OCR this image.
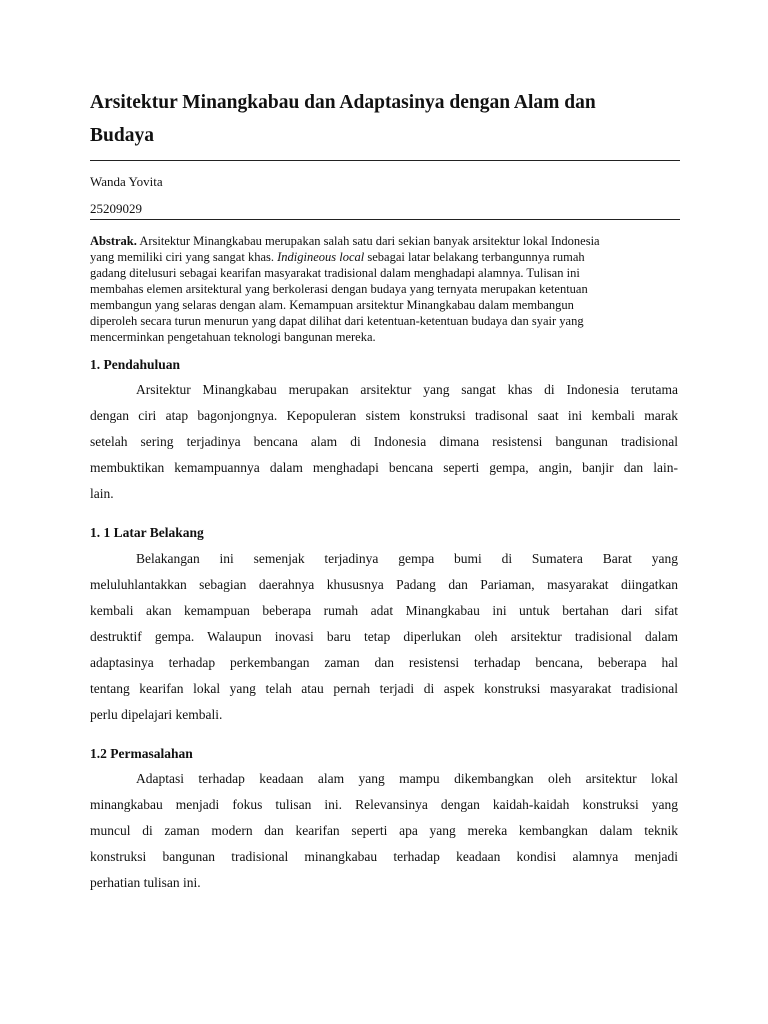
Arsitektur Minangkabau dan Adaptasinya dengan Alam dan
Budaya
Wanda Yovita
25209029
Abstrak. Arsitektur Minangkabau merupakan salah satu dari sekian banyak arsitektur lokal Indonesia
yang memiliki ciri yang sangat khas. Indigineous local sebagai latar belakang terbangunnya rumah
gadang ditelusuri sebagai kearifan masyarakat tradisional dalam menghadapi alamnya. Tulisan ini
membahas elemen arsitektural yang berkolerasi dengan budaya yang ternyata merupakan ketentuan
membangun yang selaras dengan alam. Kemampuan arsitektur Minangkabau dalam membangun
diperoleh secara turun menurun yang dapat dilihat dari ketentuan-ketentuan budaya dan syair yang
mencerminkan pengetahuan teknologi bangunan mereka.
1. Pendahuluan
Arsitektur Minangkabau merupakan arsitektur yang sangat khas di Indonesia terutama
dengan ciri atap bagonjongnya. Kepopuleran sistem konstruksi tradisonal saat ini kembali marak
setelah sering terjadinya bencana alam di Indonesia dimana resistensi bangunan tradisional
membuktikan kemampuannya dalam menghadapi bencana seperti gempa, angin, banjir dan lain-
lain.
1. 1 Latar Belakang
Belakangan ini semenjak terjadinya gempa bumi di Sumatera Barat yang
meluluhlantakkan sebagian daerahnya khususnya Padang dan Pariaman, masyarakat diingatkan
kembali akan kemampuan beberapa rumah adat Minangkabau ini untuk bertahan dari sifat
destruktif gempa. Walaupun inovasi baru tetap diperlukan oleh arsitektur tradisional dalam
adaptasinya terhadap perkembangan zaman dan resistensi terhadap bencana, beberapa hal
tentang kearifan lokal yang telah atau pernah terjadi di aspek konstruksi masyarakat tradisional
perlu dipelajari kembali.
1.2 Permasalahan
Adaptasi terhadap keadaan alam yang mampu dikembangkan oleh arsitektur lokal
minangkabau menjadi fokus tulisan ini. Relevansinya dengan kaidah-kaidah konstruksi yang
muncul di zaman modern dan kearifan seperti apa yang mereka kembangkan dalam teknik
konstruksi bangunan tradisional minangkabau terhadap keadaan kondisi alamnya menjadi
perhatian tulisan ini.
